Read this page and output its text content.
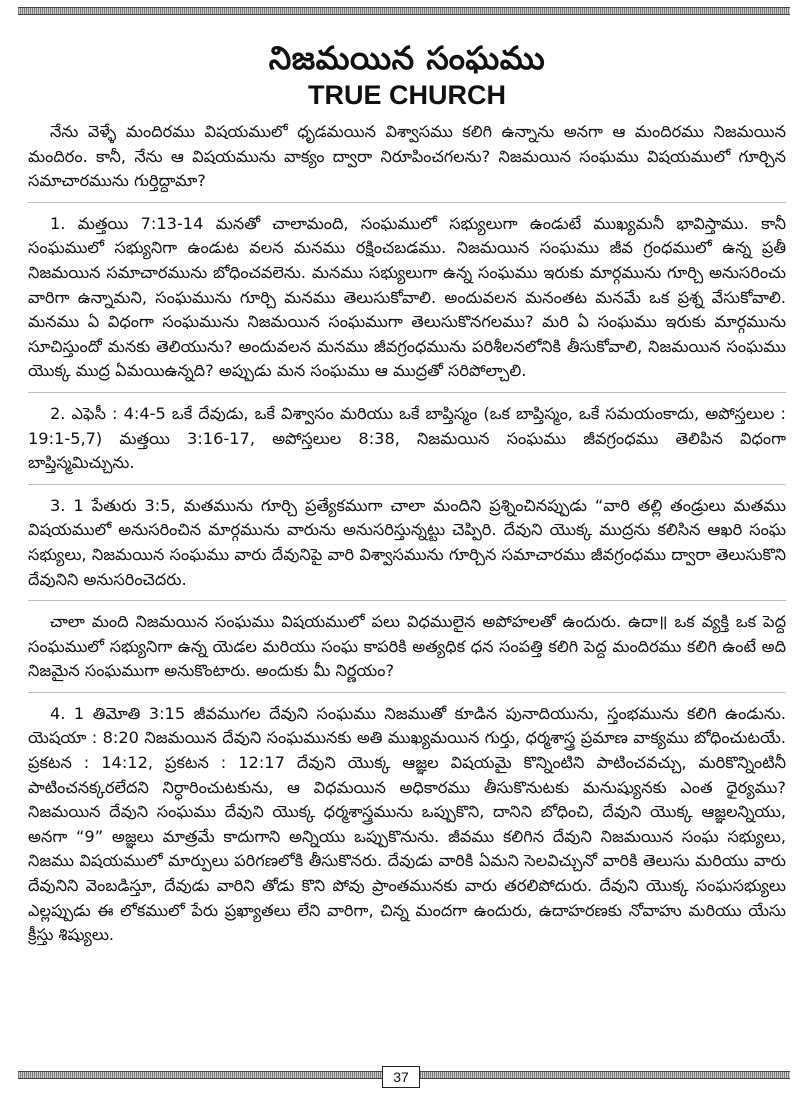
నిజమయిన సంఘము
TRUE CHURCH

నేను వెళ్ళే మందిరము విషయములో ధృడమయిన విశ్వాసము కలిగి ఉన్నాను అనగా ఆ మందిరము నిజమయిన మందిరం. కానీ, నేను ఆ విషయమును వాక్యం ద్వారా నిరూపించగలను? నిజమయిన సంఘము విషయములో గూర్చిన సమాచారమును గుర్తిద్దామా?

1. మత్తయి 7:13-14 మనతో చాలామంది, సంఘములో సభ్యులుగా ఉండుటే ముఖ్యమనీ భావిస్తాము. కానీ సంఘములో సభ్యునిగా ఉండుట వలన మనము రక్షించబడము. నిజమయిన సంఘము జీవ గ్రంధములో ఉన్న ప్రతీ నిజమయిన సమాచారమును బోధించవలెను. మనము సభ్యులుగా ఉన్న సంఘము ఇరుకు మార్గమును గూర్చి అనుసరించు వారిగా ఉన్నామని, సంఘమును గూర్చి మనము తెలుసుకోవాలి. అందువలన మనంతట మనమే ఒక ప్రశ్న వేసుకోవాలి. మనము ఏ విధంగా సంఘమును నిజమయిన సంఘముగా తెలుసుకొనగలము? మరి ఏ సంఘము ఇరుకు మార్గమును సూచిస్తుందో మనకు తెలియును? అందువలన మనము జీవగ్రంధమును పరిశీలనలోనికి తీసుకోవాలి, నిజమయిన సంఘము యొక్క ముద్ర ఏమయిఉన్నది? అప్పుడు మన సంఘము ఆ ముద్రతో సరిపోల్చాలి.

2. ఎఫెసీ : 4:4-5 ఒకే దేవుడు, ఒకే విశ్వాసం మరియు ఒకే బాప్తిస్మం (ఒక బాప్తిస్మం, ఒకే సమయంకాదు, అపోస్తలుల : 19:1-5,7) మత్తయి 3:16-17, అపోస్తలుల 8:38, నిజమయిన సంఘము జీవగ్రంధము తెలిపిన విధంగా బాప్తిస్మమిచ్చును.

3. 1 పేతురు 3:5, మతమును గూర్చి ప్రత్యేకముగా చాలా మందిని ప్రశ్నించినప్పుడు “వారి తల్లి తండ్రులు మతము విషయములో అనుసరించిన మార్గమును వారును అనుసరిస్తున్నట్టు చెప్పిరి. దేవుని యొక్క ముద్రను కలిసిన ఆఖరి సంఘ సభ్యులు, నిజమయిన సంఘము వారు దేవునిపై వారి విశ్వాసమును గూర్చిన సమాచారము జీవగ్రంధము ద్వారా తెలుసుకొని దేవునిని అనుసరించెదరు.

చాలా మంది నిజమయిన సంఘము విషయములో పలు విధములైన అపోహలతో ఉందురు. ఉదా॥ ఒక వ్యక్తి ఒక పెద్ద సంఘములో సభ్యునిగా ఉన్న యెడల మరియు సంఘ కాపరికి అత్యధిక ధన సంపత్తి కలిగి పెద్ద మందిరము కలిగి ఉంటే అది నిజమైన సంఘముగా అనుకొంటారు. అందుకు మీ నిర్ణయం?

4. 1 తిమోతి 3:15 జీవముగల దేవుని సంఘము నిజముతో కూడిన పునాదియును, స్తంభమును కలిగి ఉండును. యెషయా : 8:20 నిజమయిన దేవుని సంఘమునకు అతి ముఖ్యమయిన గుర్తు, ధర్మశాస్త్ర ప్రమాణ వాక్యము బోధించుటయే. ప్రకటన : 14:12, ప్రకటన : 12:17 దేవుని యొక్క ఆజ్ఞల విషయమై కొన్నింటిని పాటించవచ్చు, మరికొన్నింటినీ పాటించనక్కరలేదని నిర్ధారించుటకును, ఆ విధమయిన అధికారము తీసుకొనుటకు మనుష్యునకు ఎంత ధైర్యము? నిజమయిన దేవుని సంఘము దేవుని యొక్క ధర్మశాస్త్రమును ఒప్పుకొని, దానిని బోధించి, దేవుని యొక్క ఆజ్ఞలన్నియు, అనగా “9” అజ్ఞలు మాత్రమే కాదుగాని అన్నియు ఒప్పుకొనును. జీవము కలిగిన దేవుని నిజమయిన సంఘ సభ్యులు, నిజము విషయములో మార్పులు పరిగణలోకి తీసుకొనరు. దేవుడు వారికి ఏమని సెలవిచ్చునో వారికి తెలుసు మరియు వారు దేవునిని వెంబడిస్తూ, దేవుడు వారిని తోడు కొని పోవు ప్రాంతమునకు వారు తరలిపోదురు. దేవుని యొక్క సంఘసభ్యులు ఎల్లప్పుడు ఈ లోకములో పేరు ప్రఖ్యాతలు లేని వారిగా, చిన్న మందగా ఉందురు, ఉదాహరణకు నోవాహు మరియు యేసు క్రీస్తు శిష్యులు.

37
